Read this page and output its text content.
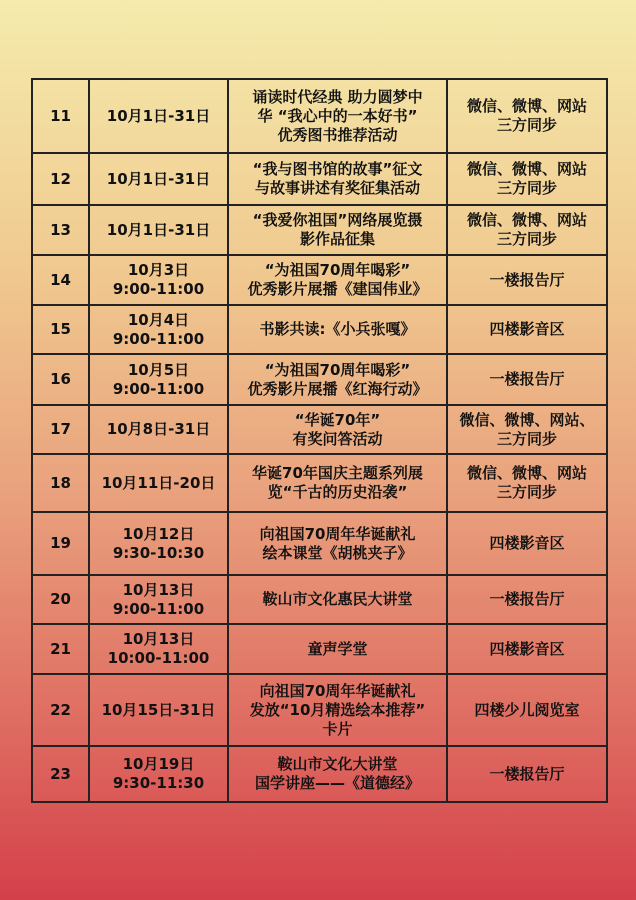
11	10月1日-31日	诵读时代经典 助力圆梦中
华 “我心中的一本好书”
优秀图书推荐活动	微信、微博、网站
三方同步
12	10月1日-31日	“我与图书馆的故事”征文
与故事讲述有奖征集活动	微信、微博、网站
三方同步
13	10月1日-31日	“我爱你祖国”网络展览摄
影作品征集	微信、微博、网站
三方同步
14	10月3日
9:00-11:00	“为祖国70周年喝彩”
优秀影片展播《建国伟业》	一楼报告厅
15	10月4日
9:00-11:00	书影共读:《小兵张嘎》	四楼影音区
16	10月5日
9:00-11:00	“为祖国70周年喝彩”
优秀影片展播《红海行动》	一楼报告厅
17	10月8日-31日	“华诞70年”
有奖问答活动	微信、微博、网站、
三方同步
18	10月11日-20日	华诞70年国庆主题系列展
览“千古的历史沿袭”	微信、微博、网站
三方同步
19	10月12日
9:30-10:30	向祖国70周年华诞献礼
绘本课堂《胡桃夹子》	四楼影音区
20	10月13日
9:00-11:00	鞍山市文化惠民大讲堂	一楼报告厅
21	10月13日
10:00-11:00	童声学堂	四楼影音区
22	10月15日-31日	向祖国70周年华诞献礼
发放“10月精选绘本推荐”
卡片	四楼少儿阅览室
23	10月19日
9:30-11:30	鞍山市文化大讲堂
国学讲座——《道德经》	一楼报告厅
